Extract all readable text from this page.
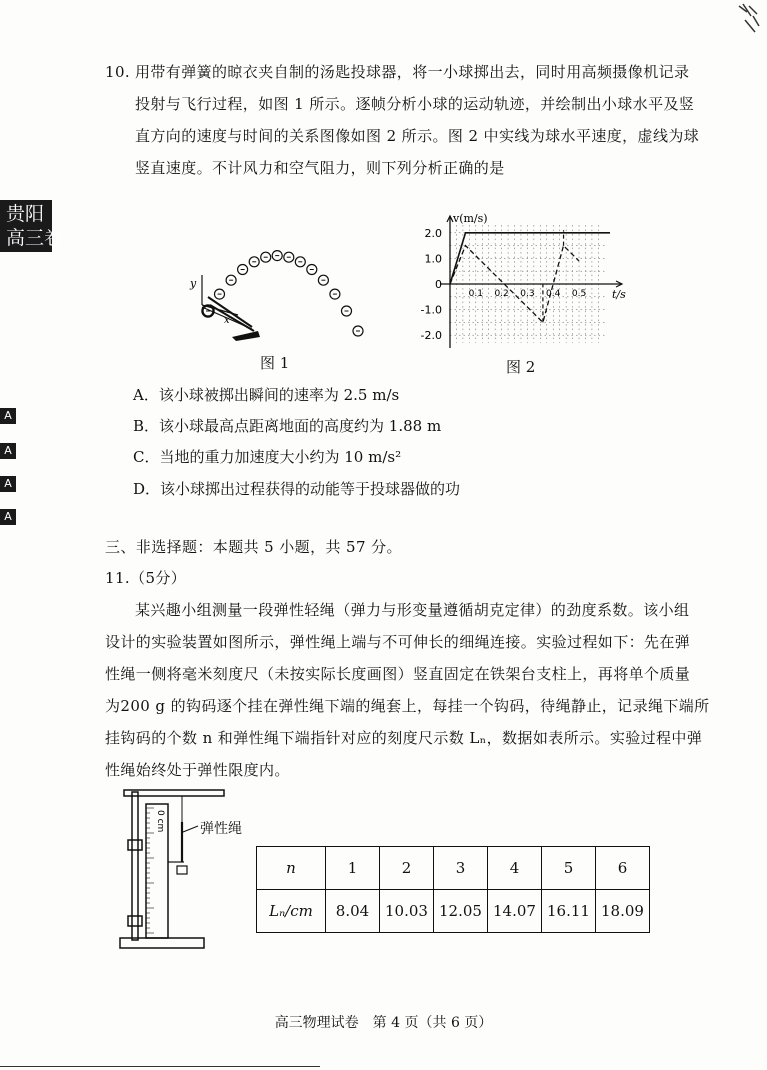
贵阳
高三卷
A
A
A
A
10. 用带有弹簧的晾衣夹自制的汤匙投球器，将一小球掷出去，同时用高频摄像机记录
投射与飞行过程，如图 1 所示。逐帧分析小球的运动轨迹，并绘制出小球水平及竖
直方向的速度与时间的关系图像如图 2 所示。图 2 中实线为球水平速度，虚线为球
竖直速度。不计风力和空气阻力，则下列分析正确的是
y
x
图 1
v(m/s)
t/s
2.0
1.0
0
-1.0
-2.0
0.1 0.2 0.3 0.4 0.5
图 2
A．该小球被掷出瞬间的速率为 2.5 m/s
B．该小球最高点距离地面的高度约为 1.88 m
C．当地的重力加速度大小约为 10 m/s²
D．该小球掷出过程获得的动能等于投球器做的功
三、非选择题：本题共 5 小题，共 57 分。
11.（5分）
某兴趣小组测量一段弹性轻绳（弹力与形变量遵循胡克定律）的劲度系数。该小组
设计的实验装置如图所示，弹性绳上端与不可伸长的细绳连接。实验过程如下：先在弹
性绳一侧将毫米刻度尺（未按实际长度画图）竖直固定在铁架台支柱上，再将单个质量
为200 g 的钩码逐个挂在弹性绳下端的绳套上，每挂一个钩码，待绳静止，记录绳下端所
挂钩码的个数 n 和弹性绳下端指针对应的刻度尺示数 Lₙ，数据如表所示。实验过程中弹
性绳始终处于弹性限度内。
0 cm	弹性绳
n	1	2	3	4	5	6
Lₙ/cm	8.04	10.03	12.05	14.07	16.11	18.09
高三物理试卷　第 4 页（共 6 页）
